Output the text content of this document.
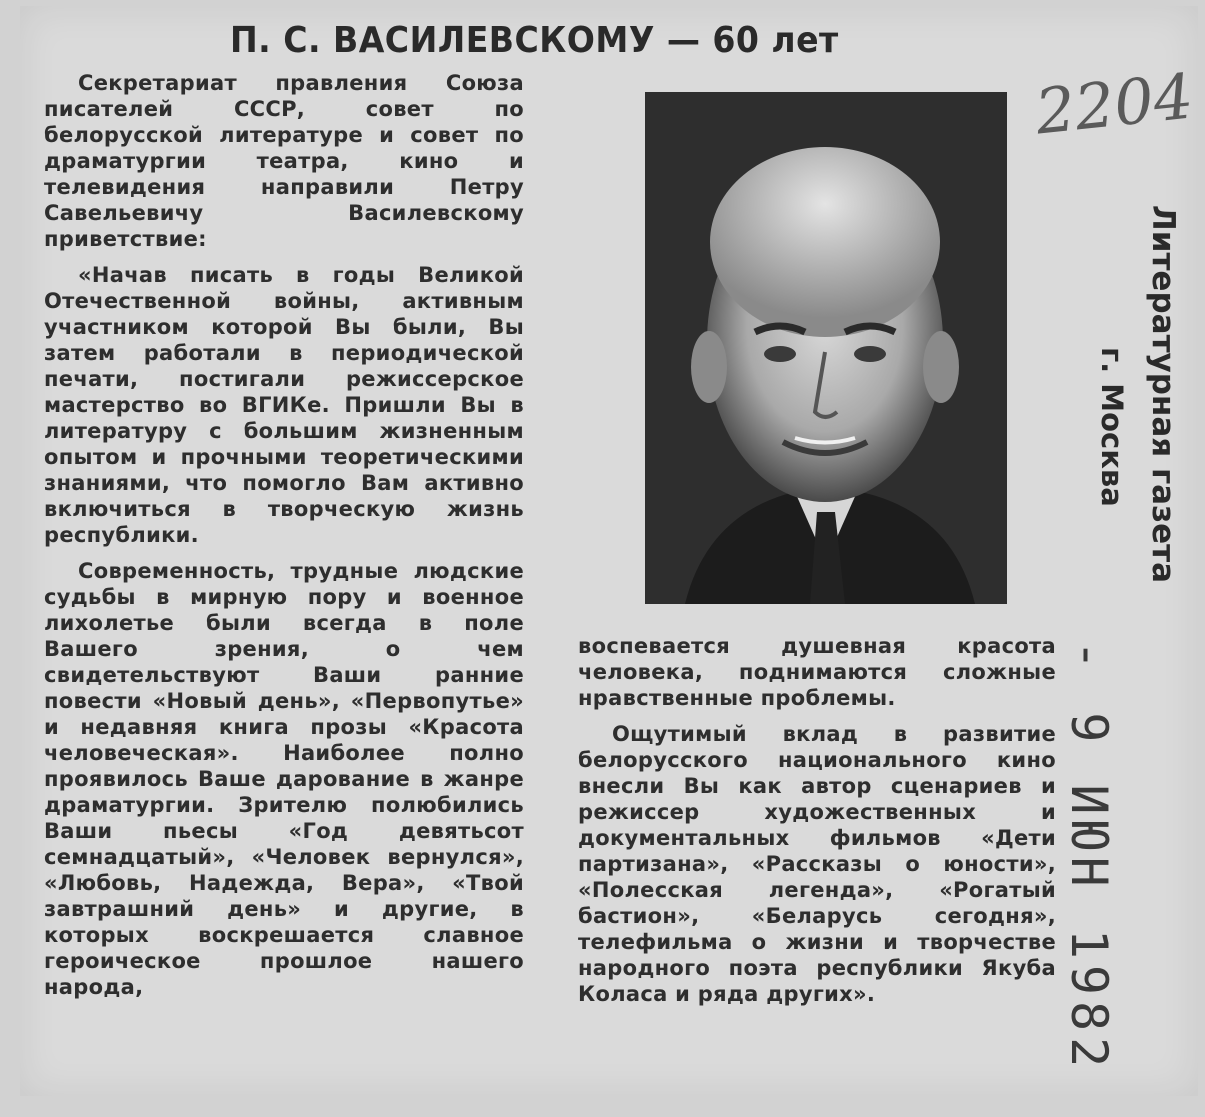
П. С. ВАСИЛЕВСКОМУ — 60 лет

Секретариат правления Союза писателей СССР, совет по белорусской литературе и совет по драматургии театра, кино и телевидения направили Петру Савельевичу Василевскому приветствие:

«Начав писать в годы Великой Отечественной войны, активным участником которой Вы были, Вы затем работали в периодической печати, постигали режиссерское мастерство во ВГИКе. Пришли Вы в литературу с большим жизненным опытом и прочными теоретическими знаниями, что помогло Вам активно включиться в творческую жизнь республики.

Современность, трудные людские судьбы в мирную пору и военное лихолетье были всегда в поле Вашего зрения, о чем свидетельствуют Ваши ранние повести «Новый день», «Первопутье» и недавняя книга прозы «Красота человеческая». Наиболее полно проявилось Ваше дарование в жанре драматургии. Зрителю полюбились Ваши пьесы «Год девятьсот семнадцатый», «Человек вернулся», «Любовь, Надежда, Вера», «Твой завтрашний день» и другие, в которых воскрешается славное героическое прошлое нашего народа,

воспевается душевная красота человека, поднимаются сложные нравственные проблемы.

Ощутимый вклад в развитие белорусского национального кино внесли Вы как автор сценариев и режиссер художественных и документальных фильмов «Дети партизана», «Рассказы о юности», «Полесская легенда», «Рогатый бастион», «Беларусь сегодня», телефильма о жизни и творчестве народного поэта республики Якуба Коласа и ряда других».

Литературная газета
г. Москва
- 9 ИЮН 1982
2204
